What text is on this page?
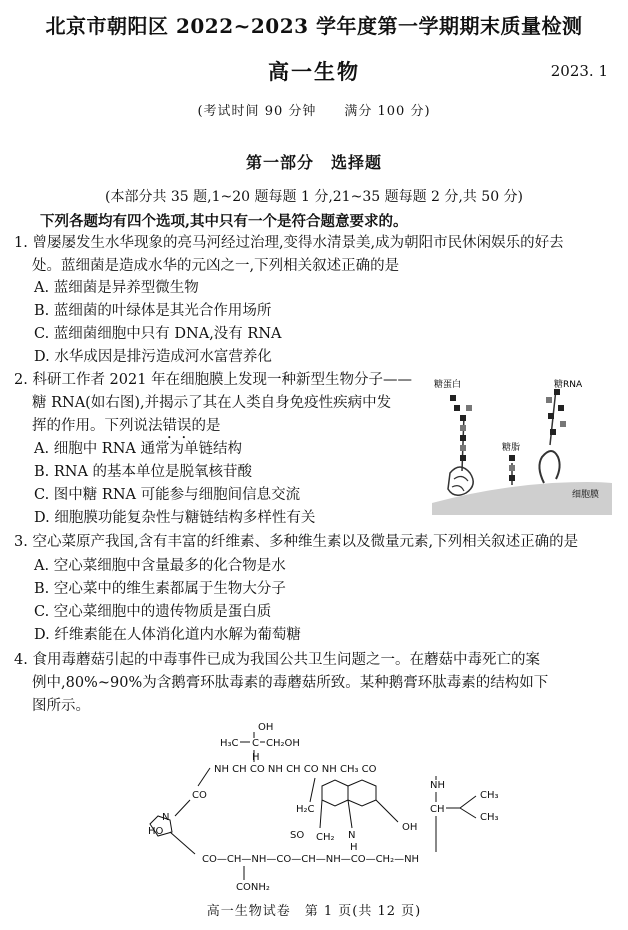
北京市朝阳区 2022~2023 学年度第一学期期末质量检测
高一生物	2023. 1
(考试时间 90 分钟　　满分 100 分)
第一部分　选择题
(本部分共 35 题,1~20 题每题 1 分,21~35 题每题 2 分,共 50 分)
下列各题均有四个选项,其中只有一个是符合题意要求的。
1. 曾屡屡发生水华现象的亮马河经过治理,变得水清景美,成为朝阳市民休闲娱乐的好去
处。蓝细菌是造成水华的元凶之一,下列相关叙述正确的是
A. 蓝细菌是异养型微生物
B. 蓝细菌的叶绿体是其光合作用场所
C. 蓝细菌细胞中只有 DNA,没有 RNA
D. 水华成因是排污造成河水富营养化
2. 科研工作者 2021 年在细胞膜上发现一种新型生物分子——
糖 RNA(如右图),并揭示了其在人类自身免疫性疾病中发
挥的作用。下列说法错误的是
A. 细胞中 RNA 通常为单链结构
B. RNA 的基本单位是脱氧核苷酸
C. 图中糖 RNA 可能参与细胞间信息交流
D. 细胞膜功能复杂性与糖链结构多样性有关
糖蛋白	糖RNA
糖脂
细胞膜
3. 空心菜原产我国,含有丰富的纤维素、多种维生素以及微量元素,下列相关叙述正确的是
A. 空心菜细胞中含量最多的化合物是水
B. 空心菜中的维生素都属于生物大分子
C. 空心菜细胞中的遗传物质是蛋白质
D. 纤维素能在人体消化道内水解为葡萄糖
4. 食用毒蘑菇引起的中毒事件已成为我国公共卫生问题之一。在蘑菇中毒死亡的案
例中,80%~90%为含鹅膏环肽毒素的毒蘑菇所致。某种鹅膏环肽毒素的结构如下
图所示。
OH
H₃C C CH₂OH
H
NH CH CO NH CH CO NH CH₃ CO
CO
N
HO
H₂C
SO CH₂ N
H
OH
NH
CH
CH₃
CH₃
CO—CH—NH—CO—CH—NH—CO—CH₂—NH
CONH₂
高一生物试卷　第 1 页(共 12 页)
